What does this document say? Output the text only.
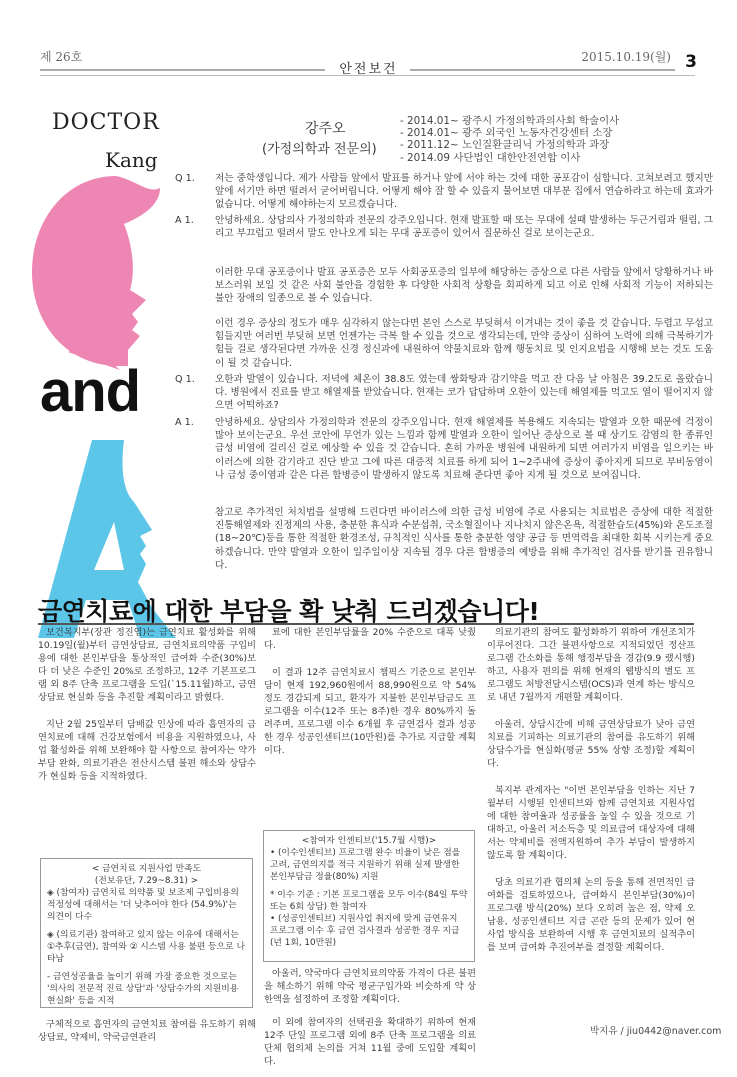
제 26호
안전보건
2015.10.19(월) 3
DOCTOR
Kang
and
강주오
(가정의학과 전문의)
- 2014.01~ 광주시 가정의학과의사회 학술이사
- 2014.01~ 광주 외국인 노동자건강센터 소장
- 2011.12~ 노인질환클리닉 가정의학과 과장
- 2014.09 사단법인 대한안전연합 이사
Q 1.	저는 중학생입니다. 제가 사람들 앞에서 발표를 하거나 앞에 서야 하는 것에 대한 공포감이 심합니다. 고쳐보려고 했지만 앞에 서기만 하면 떨려서 굳어버립니다. 어떻게 해야 잘 할 수 있을지 물어보면 대부분 집에서 연습하라고 하는데 효과가 없습니다. 어떻게 해야하는지 모르겠습니다.
A 1.	안녕하세요. 상담의사 가정의학과 전문의 강주오입니다. 현재 발표할 때 또는 무대에 설때 발생하는 두근거림과 떨림, 그리고 부끄럽고 떨려서 말도 안나오게 되는 무대 공포증이 있어서 질문하신 걸로 보이는군요.
이러한 무대 공포증이나 발표 공포증은 모두 사회공포증의 일부에 해당하는 증상으로 다른 사람들 앞에서 당황하거나 바보스러워 보일 것 같은 사회 불안을 경험한 후 다양한 사회적 상황을 회피하게 되고 이로 인해 사회적 기능이 저하되는 불안 장애의 일종으로 볼 수 있습니다.
이런 경우 증상의 정도가 매우 심각하지 않는다면 본인 스스로 부딪혀서 이겨내는 것이 좋을 것 같습니다. 두렵고 무섭고 힘들지만 여러번 부딪혀 보면 언젠가는 극복 할 수 있을 것으로 생각되는데, 만약 증상이 심하여 노력에 의해 극복하기가 힘들 걸로 생각된다면 가까운 신경 정신과에 내원하여 약물치료와 함께 행동치료 및 인지요법을 시행해 보는 것도 도움이 될 것 같습니다.
Q 1.	오한과 발열이 있습니다. 저녁에 체온이 38.8도 였는데 쌍화탕과 감기약을 먹고 잔 다음 날 아침은 39.2도로 올랐습니다. 병원에서 진료를 받고 해열제를 받았습니다. 현재는 코가 답답하며 오한이 있는데 해열제를 먹고도 열이 떨어지지 않으면 어떡하죠?
A 1.	안녕하세요. 상담의사 가정의학과 전문의 강주오입니다. 현재 해열제를 복용해도 지속되는 발열과 오한 때문에 걱정이 많아 보이는군요. 우선 코안에 무언가 있는 느낌과 함께 발열과 오한이 일어난 증상으로 볼 때 상기도 감염의 한 종류인 급성 비염에 걸리신 걸로 예상할 수 있을 것 같습니다. 혼히 가까운 병원에 내원하게 되면 여러가지 비염을 일으키는 바이러스에 의한 감기라고 진단 받고 그에 따른 대증적 치료를 하게 되어 1~2주내에 증상이 좋아지게 되므로 부비동염이나 급성 중이염과 같은 다른 합병증이 발생하지 않도록 치료해 준다면 좋아 지게 될 것으로 보여집니다.
금연치료에 대한 부담을 확 낮춰 드리겠습니다!

보건복지부(장관 정진엽)는 금연치료 활성화를 위해 10.19일(월)부터 금연상담료, 금연치료의약품 구입비용에 대한 본인부담을 통상적인 급여화 수준(30%)보다 더 낮은 수준인 20%로 조정하고, 12주 기본프로그램 외 8주 단축 프로그램을 도입(`15.11월)하고, 금연상담료 현실화 등을 추진할 계획이라고 밝혔다.

지난 2월 25일부터 담배값 인상에 따라 흡연자의 금연치료에 대해 건강보험에서 비용을 지원하였으나, 사업 활성화를 위해 보완해야 할 사항으로 참여자는 약가부담 완화, 의료기관은 전산시스템 불편 해소와 상담수가 현실화 등을 지적하였다.

< 금연치료 지원사업 만족도
(전보유단, 7.29~8.31) >
◈ (참여자) 금연치료 의약품 및 보조제 구입비용의 적정성에 대해서는 '더 낮추어야 한다 (54.9%)'는 의견이 다수
◈ (의료기관) 참여하고 있지 않는 이유에 대해서는 ①추후(금연), 참여와 ② 시스템 사용 불편 등으로 나타남
- 금연성공율을 높이기 위해 가장 중요한 것으로는 '의사의 전문적 진료 상담'과 '상담수가의 지원비용 현실화' 등을 지적

구체적으로 흡연자의 금연치료 참여를 유도하기 위해 상담료, 약제비, 약국금연관리

료에 대한 본인부담률을 20% 수준으로 대폭 낮췄다.

이 결과 12주 금연치료시 챔픽스 기준으로 본인부담이 현재 192,960원에서 88,990원으로 약 54% 정도 경감되게 되고, 환자가 지불한 본인부담금도 프로그램을 이수(12주 또는 8주)한 경우 80%까지 돌려주며, 프로그램 이수 6개월 후 금연검사 결과 성공한 경우 성공인센티브(10만원)를 추가로 지급할 계획이다.

<참여자 인센티브('15.7월 시행)>
• (이수인센티브) 프로그램 완수 비율이 낮은 점을 고려, 금연의지를 적극 지원하기 위해 실제 발생한 본인부담금 정율(80%) 지원
* 이수 기준 : 기본 프로그램을 모두 이수(84일 투약 또는 6회 상담) 한 참여자
• (성공인센티브) 지원사업 취지에 맞게 금연유지 프로그램 이수 후 금연 검사결과 성공한 경우 지급(년 1회, 10만원)

아울러, 약국마다 금연치료의약품 가격이 다른 불편을 해소하기 위해 약국 평균구입가와 비슷하게 약 상한액을 설정하여 조정할 계획이다.

이 외에 참여자의 선택권을 확대하기 위하여 현재 12주 단일 프로그램 외에 8주 단축 프로그램을 의료단체 협의체 논의를 거쳐 11월 중에 도입할 계획이다.

의료기관의 참여도 활성화하기 위하여 개선조치가 이루어진다. 그간 불편사항으로 지적되었던 정산프로그램 간소화를 통해 행정부담을 경감(9.9 랬시행)하고, 사용자 편의를 위해 현재의 웹방식의 별도 프로그램도 처방전달시스템(OCS)과 연계 하는 방식으로 내년 7월까지 개편할 계획이다.

아울러, 상담시간에 비해 금연상담료가 낮아 금연치료를 기피하는 의료기관의 참여를 유도하기 위해 상담수가를 현실화(평균 55% 상향 조정)할 계획이다.

복지부 관계자는 "이번 본인부담을 인하는 지난 7월부터 시행된 인센티브와 함께 금연치료 지원사업에 대한 참여율과 성공률을 높일 수 있을 것으로 기대하고, 아울러 저소득층 및 의료급여 대상자에 대해서는 약제비를 전액지원하여 추가 부담이 발생하지 않도록 할 계획이다.

당초 의료기관 협의체 논의 등을 통해 전면적인 급여화를 검토하였으나, 급여화시 본인부담(30%)이 프로그램 방식(20%) 보다 오히려 높은 점, 약제 오남용, 성공인센티브 지급 곤란 등의 문제가 있어 현 사업 방식을 보완하여 시행 후 금연치료의 실적추이를 보며 급여화 추진여부를 결정할 계획이다.

박지유 / jiu0442@naver.com
참고로 추가적인 처치법을 설명해 드린다면 바이러스에 의한 급성 비염에 주로 사용되는 치료법은 증상에 대한 적절한 진통해열제와 진정제의 사용, 충분한 휴식과 수분섭취, 국소혈질이나 지나치지 않은온욕, 적절한습도(45%)와 온도조절(18~20℃)등을 통한 적절한 환경조성, 규칙적인 식사를 통한 충분한 영양 공급 등 면역력을 최대한 회복 시키는게 중요하겠습니다. 만약 발열과 오한이 일주일이상 지속될 경우 다른 합병증의 예방을 위해 추가적인 검사를 받기를 권유합니다.
